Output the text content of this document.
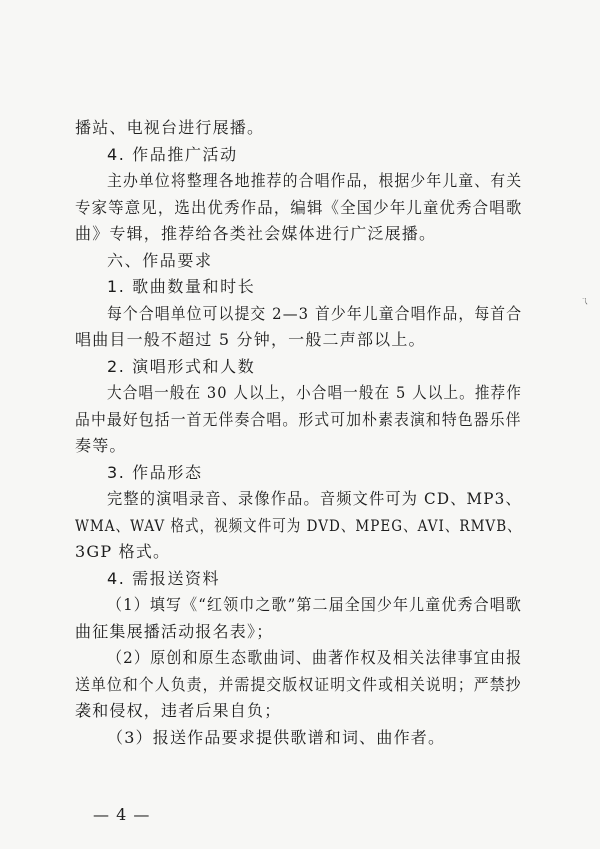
播站、电视台进行展播。
4. 作品推广活动
主办单位将整理各地推荐的合唱作品，根据少年儿童、有关
专家等意见，选出优秀作品，编辑《全国少年儿童优秀合唱歌
曲》专辑，推荐给各类社会媒体进行广泛展播。
六、作品要求
1. 歌曲数量和时长
每个合唱单位可以提交 2—3 首少年儿童合唱作品，每首合
唱曲目一般不超过 5 分钟，一般二声部以上。
2. 演唱形式和人数
大合唱一般在 30 人以上，小合唱一般在 5 人以上。推荐作
品中最好包括一首无伴奏合唱。形式可加朴素表演和特色器乐伴
奏等。
3. 作品形态
完整的演唱录音、录像作品。音频文件可为 CD、MP3、
WMA、WAV 格式，视频文件可为 DVD、MPEG、AVI、RMVB、
3GP 格式。
4. 需报送资料
（1）填写《“红领巾之歌”第二届全国少年儿童优秀合唱歌
曲征集展播活动报名表》；
（2）原创和原生态歌曲词、曲著作权及相关法律事宜由报
送单位和个人负责，并需提交版权证明文件或相关说明；严禁抄
袭和侵权，违者后果自负；
（3）报送作品要求提供歌谱和词、曲作者。
ㄟ
— 4 —
